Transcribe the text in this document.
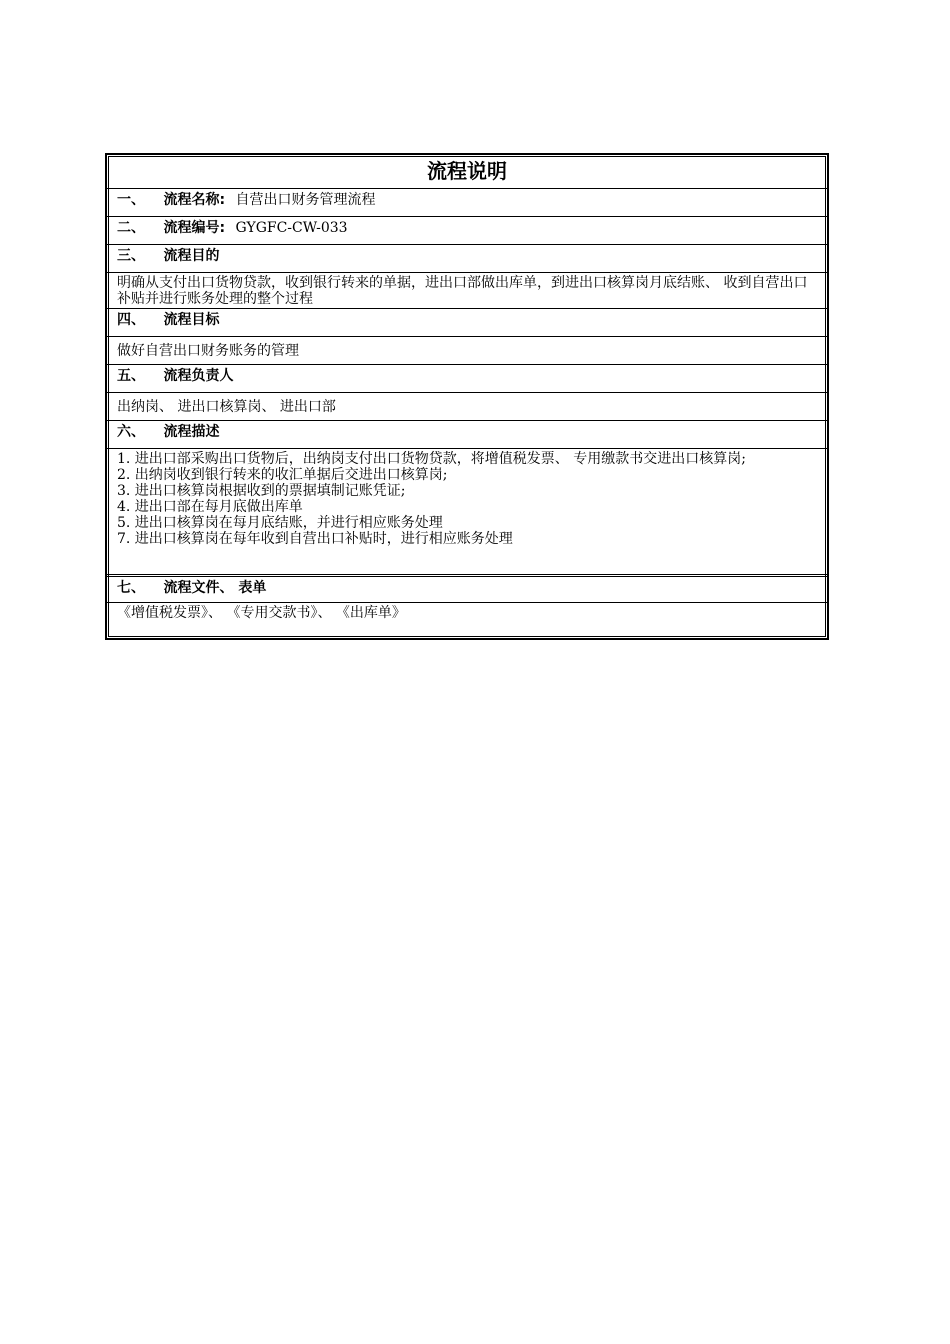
流程说明
一、 流程名称: 自营出口财务管理流程
二、 流程编号: GYGFC-CW-033
三、 流程目的
明确从支付出口货物贷款，收到银行转来的单据，进出口部做出库单，到进出口核算岗月底结账、 收到自营出口补贴并进行账务处理的整个过程
四、 流程目标
做好自营出口财务账务的管理
五、 流程负责人
出纳岗、 进出口核算岗、 进出口部
六、 流程描述
1. 进出口部采购出口货物后，出纳岗支付出口货物贷款，将增值税发票、 专用缴款书交进出口核算岗;
2. 出纳岗收到银行转来的收汇单据后交进出口核算岗;
3. 进出口核算岗根据收到的票据填制记账凭证;
4. 进出口部在每月底做出库单
5. 进出口核算岗在每月底结账，并进行相应账务处理
7. 进出口核算岗在每年收到自营出口补贴时，进行相应账务处理
七、 流程文件、 表单
《增值税发票》、 《专用交款书》、 《出库单》
